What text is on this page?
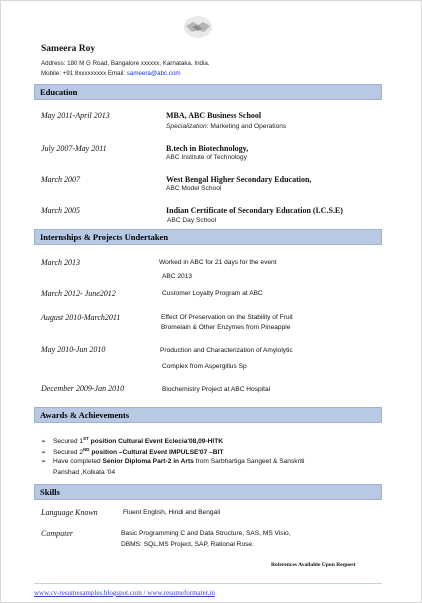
Sameera Roy
Address: 180 M G Road, Bangalore xxxxxx, Karnataka, India.
Mobile: +91 8xxxxxxxxx Email: sameera@abc.com
Education
May 2011-April 2013	MBA, ABC Business School
Specialization: Marketing and Operations
July 2007-May 2011	B.tech in Biotechnology,
ABC Institute of Technology
March 2007	West Bengal Higher Secondary Education,
ABC Model School
March 2005	Indian Certificate of Secondary Education (I.C.S.E)
ABC Day School
Internships & Projects Undertaken
March 2013	Worked in ABC for 21 days for the event
ABC 2013
March 2012- June2012	Customer Loyalty Program at ABC
August 2010-March2011	Effect Of Preservation on the Stability of Fruit
Bromelain & Other Enzymes from Pineapple
May 2010-Jun 2010	Production and Characterization of Amylolytic
Complex from Aspergillus Sp
December 2009-Jan 2010	Biochemistry Project at ABC Hospital
Awards & Achievements
➢ Secured 1ST position Cultural Event Eclecia'08,09-HITK
➢ Secured 2ND position –Cultural Event IMPULSE'07 –BIT
➢ Have completed Senior Diploma Part-2 in Arts from Sarbhartiga Sangeet & Sanskriti
Parishad ,Kolkata '04
Skills
Language Known	Fluent English, Hindi and Bengali
Computer	Basic Programming C and Data Structure, SAS, MS Visio,
DBMS: SQL,MS Project, SAP, Rational Rose.
References Available Upon Request
www.cv-resumesamples.blogspot.com / www.resumeformater.in
